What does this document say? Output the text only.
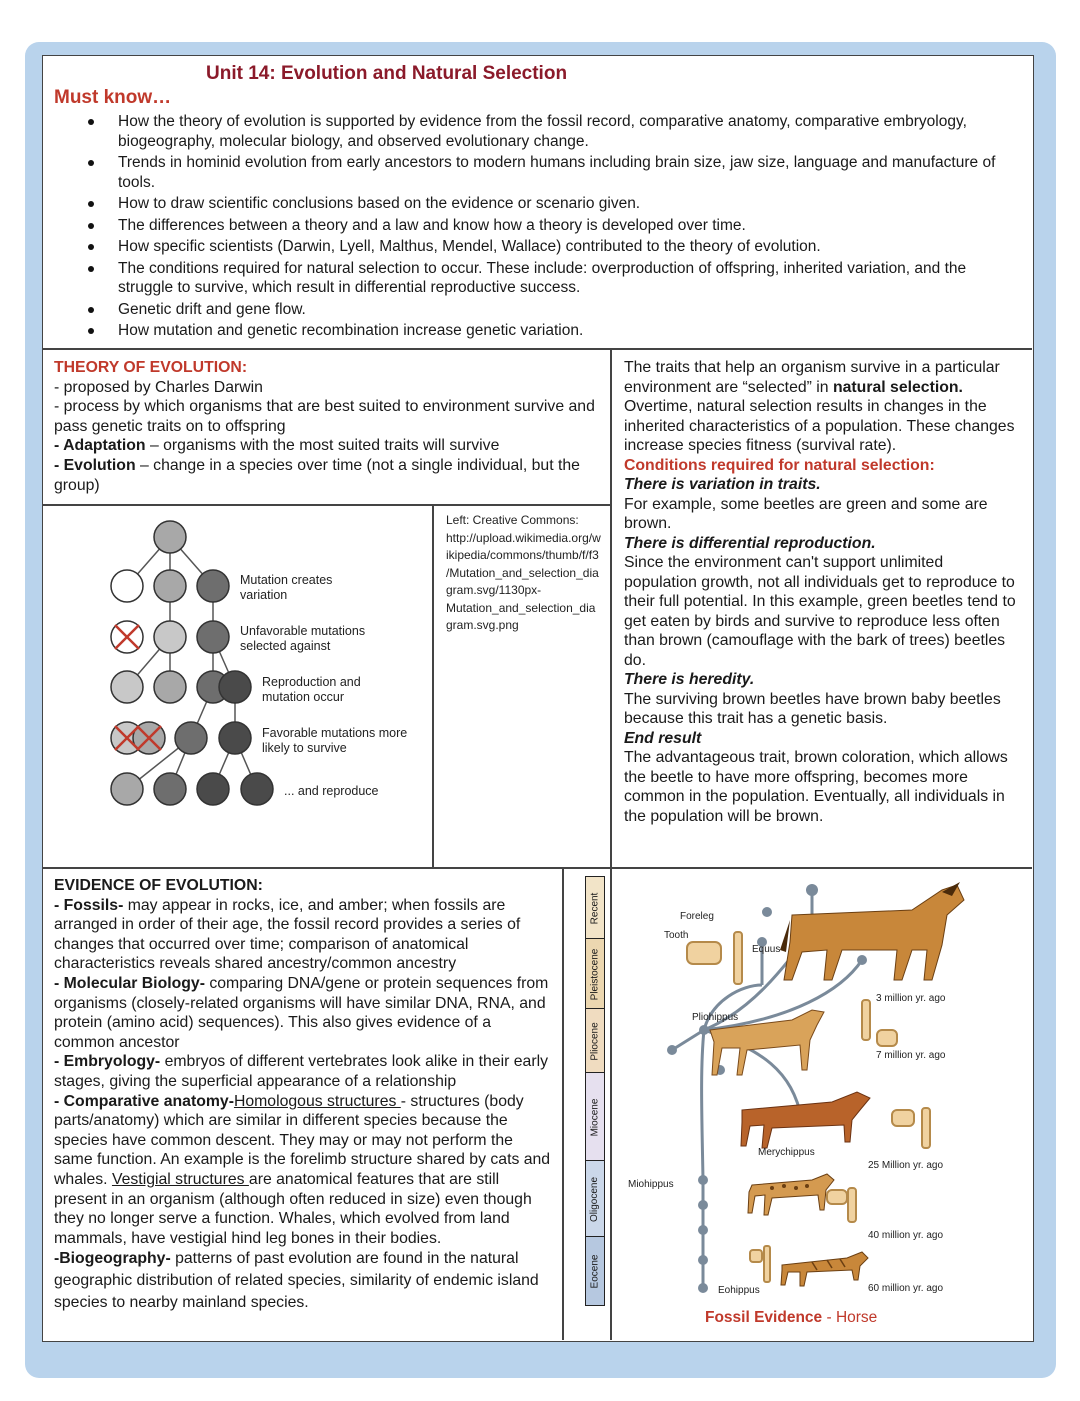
Unit 14: Evolution and Natural Selection
Must know…
How the theory of evolution is supported by evidence from the fossil record, comparative anatomy, comparative embryology, biogeography, molecular biology, and observed evolutionary change.
Trends in hominid evolution from early ancestors to modern humans including brain size, jaw size, language and manufacture of tools.
How to draw scientific conclusions based on the evidence or scenario given.
The differences between a theory and a law and know how a theory is developed over time.
How specific scientists (Darwin, Lyell, Malthus, Mendel, Wallace) contributed to the theory of evolution.
The conditions required for natural selection to occur. These include: overproduction of offspring, inherited variation, and the struggle to survive, which result in differential reproductive success.
Genetic drift and gene flow.
How mutation and genetic recombination increase genetic variation.
THEORY OF EVOLUTION:
- proposed by Charles Darwin
- process by which organisms that are best suited to environment survive and pass genetic traits on to offspring
- Adaptation – organisms with the most suited traits will survive
- Evolution – change in a species over time (not a single individual, but the group)
Mutation creates variation
Unfavorable mutations selected against
Reproduction and mutation occur
Favorable mutations more likely to survive
... and reproduce
Left: Creative Commons: http://upload.wikimedia.org/wikipedia/commons/thumb/f/f3/Mutation_and_selection_diagram.svg/1130px-Mutation_and_selection_diagram.svg.png
The traits that help an organism survive in a particular environment are “selected” in natural selection. Overtime, natural selection results in changes in the inherited characteristics of a population. These changes increase species fitness (survival rate).
Conditions required for natural selection:
There is variation in traits.
For example, some beetles are green and some are brown.
There is differential reproduction.
Since the environment can't support unlimited population growth, not all individuals get to reproduce to their full potential. In this example, green beetles tend to get eaten by birds and survive to reproduce less often than brown (camouflage with the bark of trees) beetles do.
There is heredity.
The surviving brown beetles have brown baby beetles because this trait has a genetic basis.
End result
The advantageous trait, brown coloration, which allows the beetle to have more offspring, becomes more common in the population. Eventually, all individuals in the population will be brown.
EVIDENCE OF EVOLUTION:
- Fossils- may appear in rocks, ice, and amber; when fossils are arranged in order of their age, the fossil record provides a series of changes that occurred over time; comparison of anatomical characteristics reveals shared ancestry/common ancestry
- Molecular Biology- comparing DNA/gene or protein sequences from organisms (closely-related organisms will have similar DNA, RNA, and protein (amino acid) sequences). This also gives evidence of a common ancestor
- Embryology- embryos of different vertebrates look alike in their early stages, giving the superficial appearance of a relationship
- Comparative anatomy-Homologous structures - structures (body parts/anatomy) which are similar in different species because the species have common descent. They may or may not perform the same function. An example is the forelimb structure shared by cats and whales. Vestigial structures are anatomical features that are still present in an organism (although often reduced in size) even though they no longer serve a function. Whales, which evolved from land mammals, have vestigial hind leg bones in their bodies.
-Biogeography- patterns of past evolution are found in the natural geographic distribution of related species, similarity of endemic island species to nearby mainland species.
Recent
Pleistocene
Pliocene
Miocene
Oligocene
Eocene
Foreleg
Tooth
Equus
Pliohippus
Merychippus
Miohippus
Eohippus
3 million yr. ago
7 million yr. ago
25 Million yr. ago
40 million yr. ago
60 million yr. ago
Fossil Evidence - Horse
